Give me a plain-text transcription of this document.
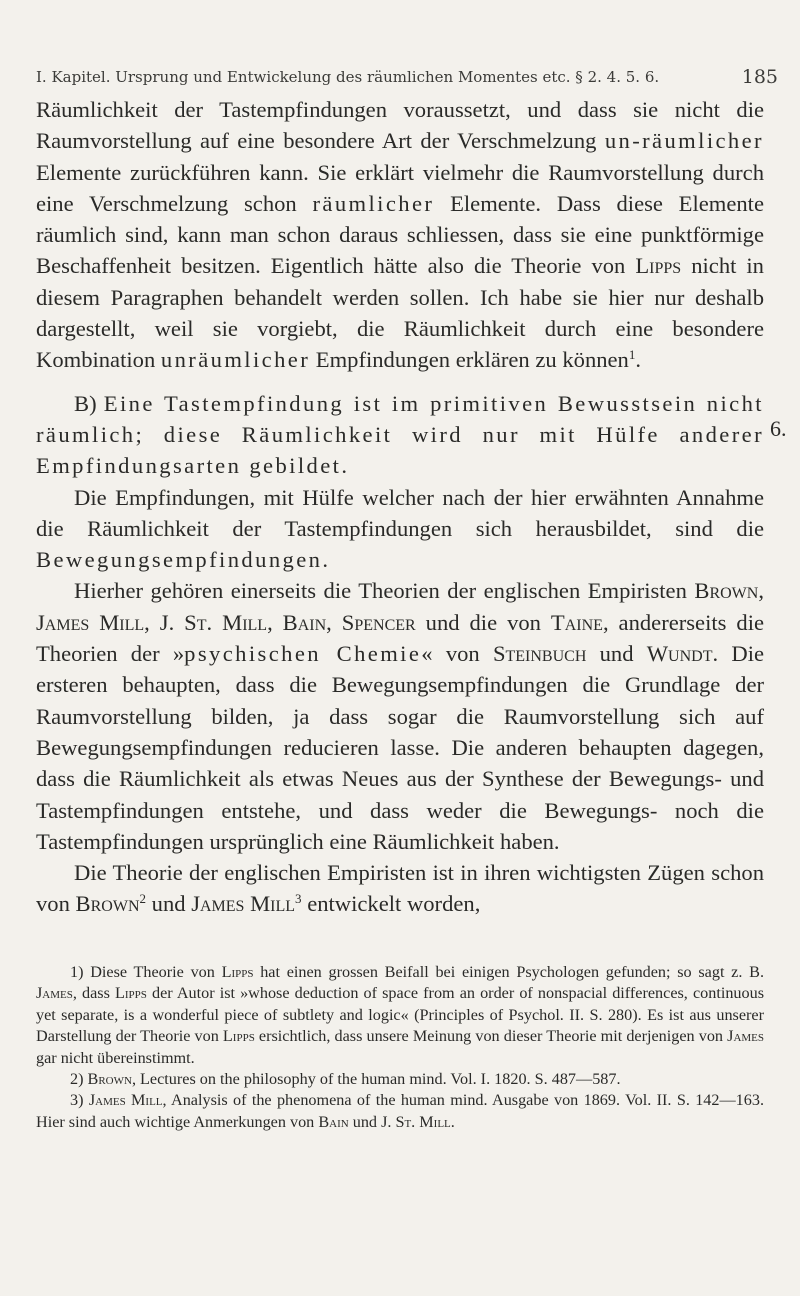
I. Kapitel. Ursprung und Entwickelung des räumlichen Momentes etc. § 2. 4. 5. 6.	185
6.

Räumlichkeit der Tastempfindungen voraussetzt, und dass sie nicht die Raumvorstellung auf eine besondere Art der Verschmelzung un-räumlicher Elemente zurückführen kann. Sie erklärt vielmehr die Raumvorstellung durch eine Verschmelzung schon räumlicher Elemente. Dass diese Elemente räumlich sind, kann man schon daraus schliessen, dass sie eine punktförmige Beschaffenheit besitzen. Eigentlich hätte also die Theorie von Lipps nicht in diesem Paragraphen behandelt werden sollen. Ich habe sie hier nur deshalb dargestellt, weil sie vorgiebt, die Räumlichkeit durch eine besondere Kombination unräumlicher Empfindungen erklären zu können$^1$.

B) Eine Tastempfindung ist im primitiven Bewusstsein nicht räumlich; diese Räumlichkeit wird nur mit Hülfe anderer Empfindungsarten gebildet.

Die Empfindungen, mit Hülfe welcher nach der hier erwähnten Annahme die Räumlichkeit der Tastempfindungen sich herausbildet, sind die Bewegungsempfindungen.

Hierher gehören einerseits die Theorien der englischen Empiristen Brown, James Mill, J. St. Mill, Bain, Spencer und die von Taine, andererseits die Theorien der »psychischen Chemie« von Steinbuch und Wundt. Die ersteren behaupten, dass die Bewegungsempfindungen die Grundlage der Raumvorstellung bilden, ja dass sogar die Raumvorstellung sich auf Bewegungsempfindungen reducieren lasse. Die anderen behaupten dagegen, dass die Räumlichkeit als etwas Neues aus der Synthese der Bewegungs- und Tastempfindungen entstehe, und dass weder die Bewegungs- noch die Tastempfindungen ursprünglich eine Räumlichkeit haben.

Die Theorie der englischen Empiristen ist in ihren wichtigsten Zügen schon von Brown$^2$ und James Mill$^3$ entwickelt worden,

1) Diese Theorie von Lipps hat einen grossen Beifall bei einigen Psychologen gefunden; so sagt z. B. James, dass Lipps der Autor ist »whose deduction of space from an order of nonspacial differences, continuous yet separate, is a wonderful piece of subtlety and logic« (Principles of Psychol. II. S. 280). Es ist aus unserer Darstellung der Theorie von Lipps ersichtlich, dass unsere Meinung von dieser Theorie mit derjenigen von James gar nicht übereinstimmt.

2) Brown, Lectures on the philosophy of the human mind. Vol. I. 1820. S. 487—587.

3) James Mill, Analysis of the phenomena of the human mind. Ausgabe von 1869. Vol. II. S. 142—163. Hier sind auch wichtige Anmerkungen von Bain und J. St. Mill.
